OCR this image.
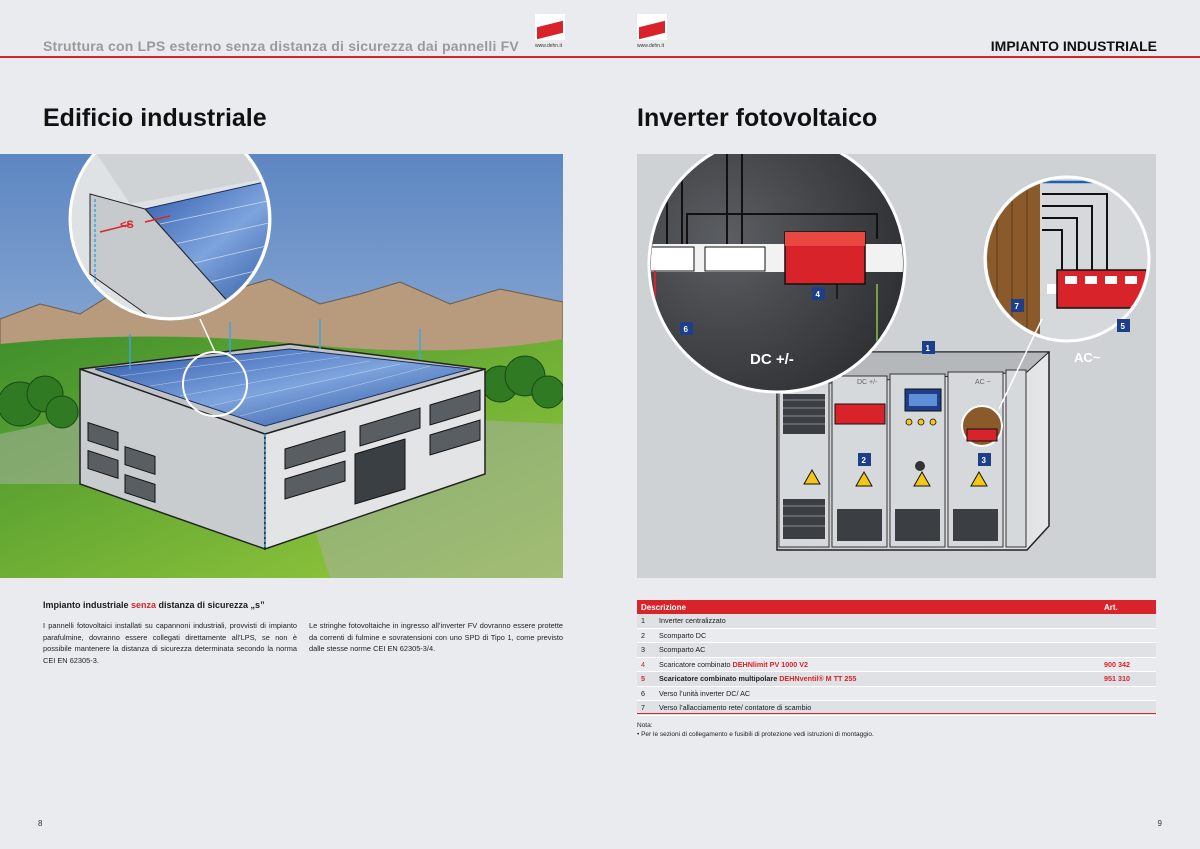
Struttura con LPS esterno senza distanza di sicurezza dai pannelli FV	www.dehn.it
Edificio industriale
<S
Impianto industriale senza distanza di sicurezza „s”
I pannelli fotovoltaici installati su capannoni industriali, provvisti di impianto parafulmine, dovranno essere collegati direttamente all’LPS, se non è possibile mantenere la distanza di sicurezza determinata secondo la norma CEI EN 62305-3.
Le stringhe fotovoltaiche in ingresso all’inverter FV dovranno essere protette da correnti di fulmine e sovratensioni con uno SPD di Tipo 1, come previsto dalle stesse norme CEI EN 62305-3/4.
8
www.dehn.it	IMPIANTO INDUSTRIALE
Inverter fotovoltaico
DC +/-	AC ~
DC +/-	AC~
1
2	3
4
5
6
7
Descrizione		Art.
1	Inverter centralizzato	
2	Scomparto DC	
3	Scomparto AC	
4	Scaricatore combinato DEHNlimit PV 1000 V2	900 342
5	Scaricatore combinato multipolare DEHNventil® M TT 255	951 310
6	Verso l’unità inverter DC/ AC	
7	Verso l’allacciamento rete/ contatore di scambio	
Nota:
• Per le sezioni di collegamento e fusibili di protezione vedi istruzioni di montaggio.
9
